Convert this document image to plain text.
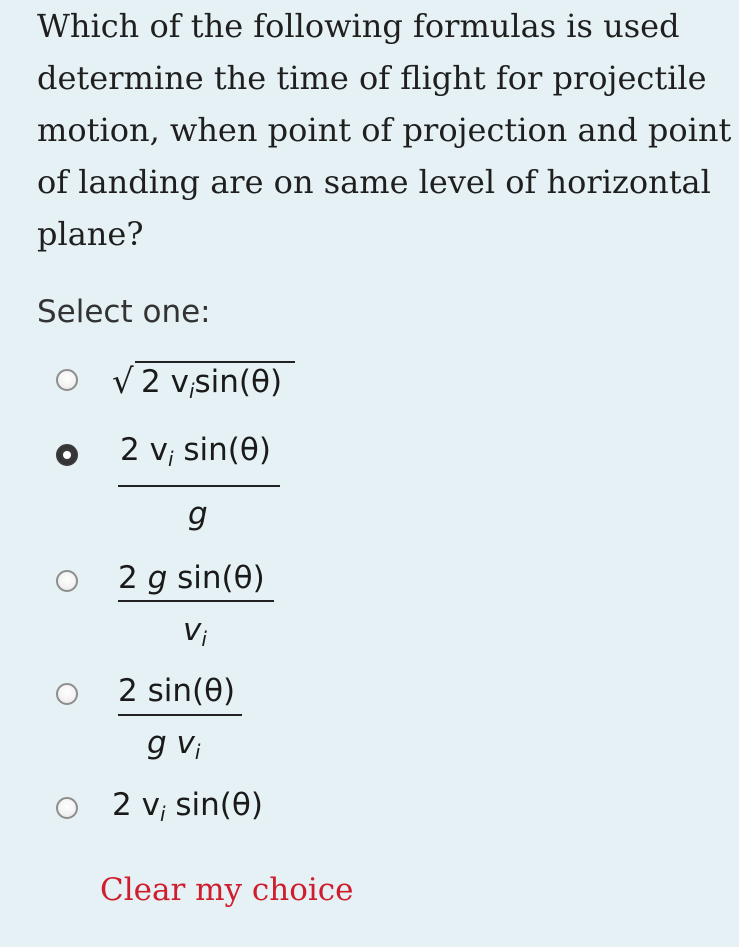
Which of the following formulas is used
determine the time of flight for projectile
motion, when point of projection and point
of landing are on same level of horizontal
plane?
Select one:
√ 2 $v_i\sin(\theta)$
2 $v_i$ sin(θ)
g
2 g sin(θ)
$v_i$
2 sin(θ)
g $v_i$
2 $v_i$ sin(θ)
Clear my choice
